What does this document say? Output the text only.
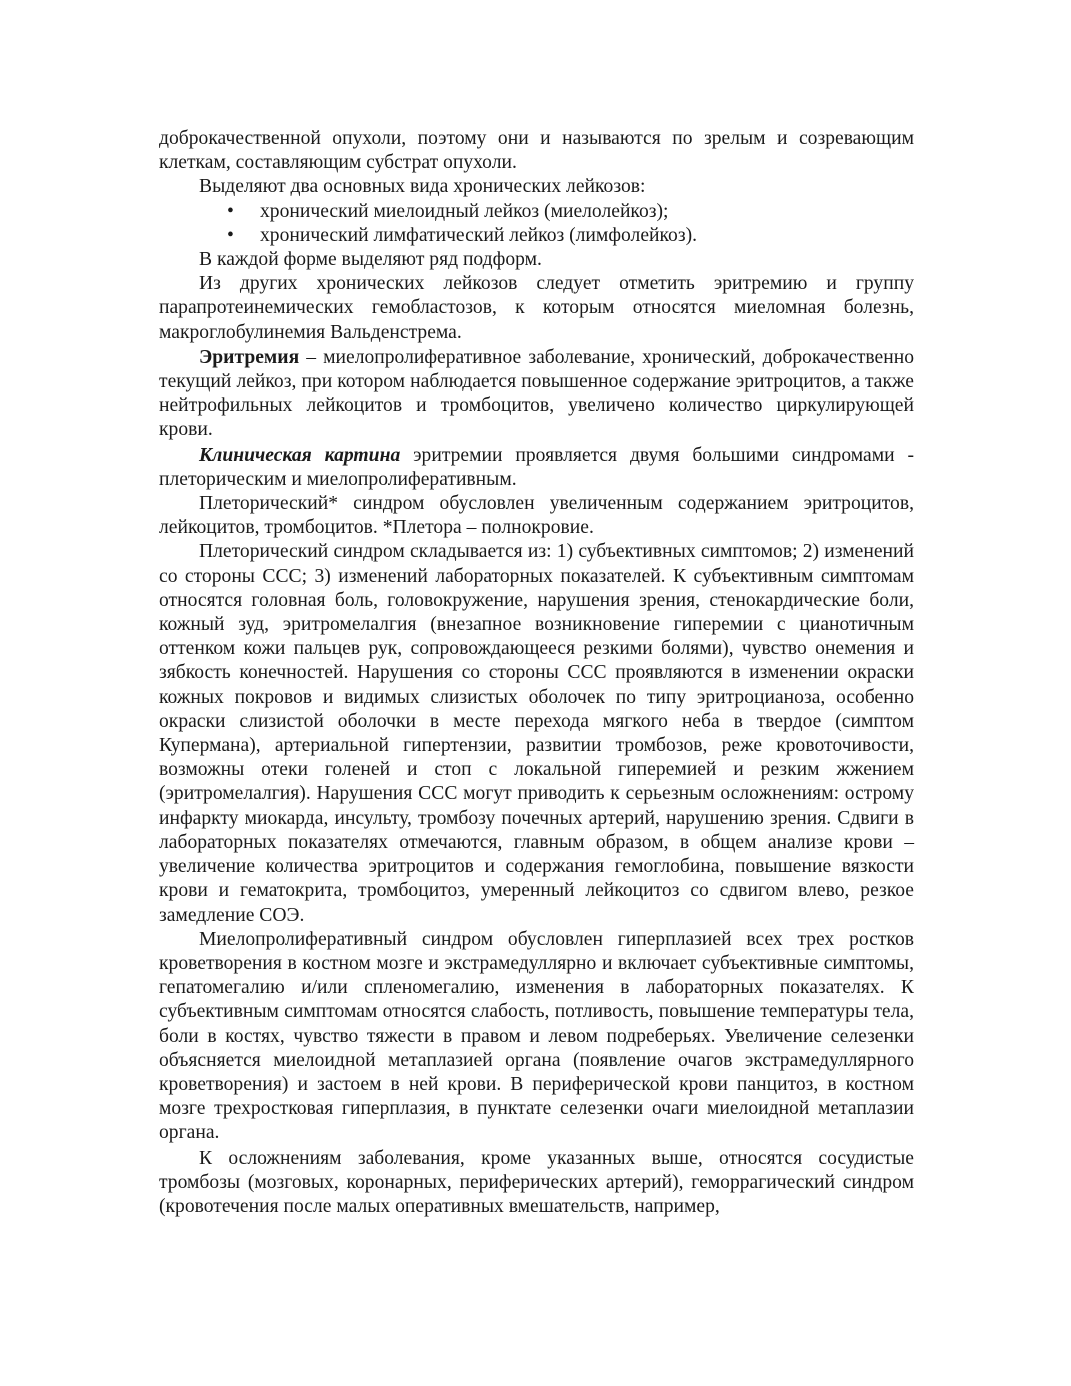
доброкачественной опухоли, поэтому они и называются по зрелым и созревающим клеткам, составляющим субстрат опухоли.

Выделяют два основных вида хронических лейкозов:

• хронический миелоидный лейкоз (миелолейкоз);
• хронический лимфатический лейкоз (лимфолейкоз).

В каждой форме выделяют ряд подформ.

Из других хронических лейкозов следует отметить эритремию и группу парапротеинемических гемобластозов, к которым относятся миеломная болезнь, макроглобулинемия Вальденстрема.

Эритремия – миелопролиферативное заболевание, хронический, доброкачественно текущий лейкоз, при котором наблюдается повышенное содержание эритроцитов, а также нейтрофильных лейкоцитов и тромбоцитов, увеличено количество циркулирующей крови.

Клиническая картина эритремии проявляется двумя большими синдромами - плеторическим и миелопролиферативным.

Плеторический* синдром обусловлен увеличенным содержанием эритроцитов, лейкоцитов, тромбоцитов. *Плетора – полнокровие.

Плеторический синдром складывается из: 1) субъективных симптомов; 2) изменений со стороны ССС; 3) изменений лабораторных показателей. К субъективным симптомам относятся головная боль, головокружение, нарушения зрения, стенокардические боли, кожный зуд, эритромелалгия (внезапное возникновение гиперемии с цианотичным оттенком кожи пальцев рук, сопровождающееся резкими болями), чувство онемения и зябкость конечностей. Нарушения со стороны ССС проявляются в изменении окраски кожных покровов и видимых слизистых оболочек по типу эритроцианоза, особенно окраски слизистой оболочки в месте перехода мягкого неба в твердое (симптом Купермана), артериальной гипертензии, развитии тромбозов, реже кровоточивости, возможны отеки голеней и стоп с локальной гиперемией и резким жжением (эритромелалгия). Нарушения ССС могут приводить к серьезным осложнениям: острому инфаркту миокарда, инсульту, тромбозу почечных артерий, нарушению зрения. Сдвиги в лабораторных показателях отмечаются, главным образом, в общем анализе крови – увеличение количества эритроцитов и содержания гемоглобина, повышение вязкости крови и гематокрита, тромбоцитоз, умеренный лейкоцитоз со сдвигом влево, резкое замедление СОЭ.

Миелопролиферативный синдром обусловлен гиперплазией всех трех ростков кроветворения в костном мозге и экстрамедуллярно и включает субъективные симптомы, гепатомегалию и/или спленомегалию, изменения в лабораторных показателях. К субъективным симптомам относятся слабость, потливость, повышение температуры тела, боли в костях, чувство тяжести в правом и левом подреберьях. Увеличение селезенки объясняется миелоидной метаплазией органа (появление очагов экстрамедуллярного кроветворения) и застоем в ней крови. В периферической крови панцитоз, в костном мозге трехростковая гиперплазия, в пунктате селезенки очаги миелоидной метаплазии органа.

К осложнениям заболевания, кроме указанных выше, относятся сосудистые тромбозы (мозговых, коронарных, периферических артерий), геморрагический синдром (кровотечения после малых оперативных вмешательств, например,
